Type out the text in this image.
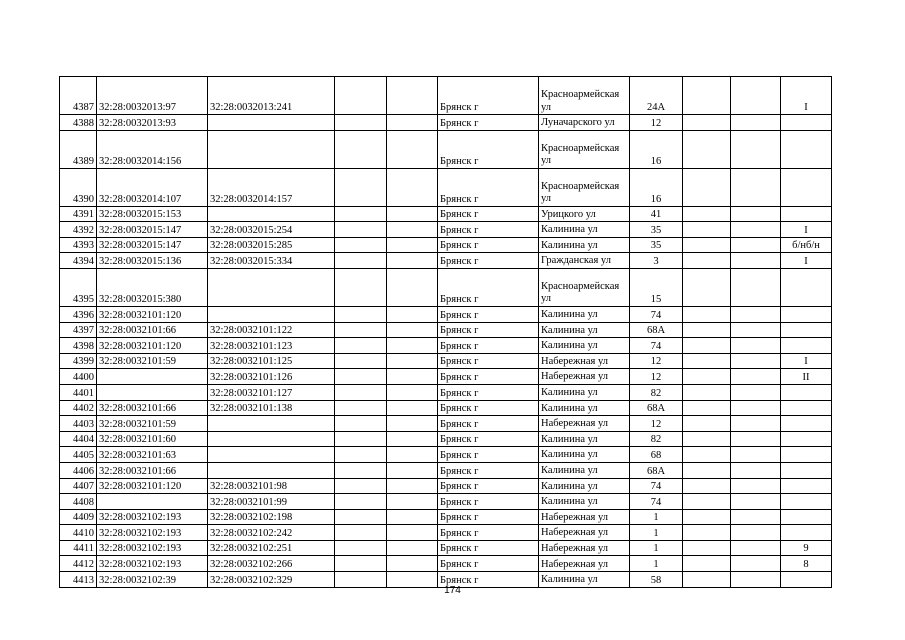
4387	32:28:0032013:97	32:28:0032013:241			Брянск г	Красноармейская ул	24А			I
4388	32:28:0032013:93				Брянск г	Луначарского ул	12			
4389	32:28:0032014:156				Брянск г	Красноармейская ул	16			
4390	32:28:0032014:107	32:28:0032014:157			Брянск г	Красноармейская ул	16			
4391	32:28:0032015:153				Брянск г	Урицкого ул	41			
4392	32:28:0032015:147	32:28:0032015:254			Брянск г	Калинина ул	35			I
4393	32:28:0032015:147	32:28:0032015:285			Брянск г	Калинина ул	35			б/нб/н
4394	32:28:0032015:136	32:28:0032015:334			Брянск г	Гражданская ул	3			I
4395	32:28:0032015:380				Брянск г	Красноармейская ул	15			
4396	32:28:0032101:120				Брянск г	Калинина ул	74			
4397	32:28:0032101:66	32:28:0032101:122			Брянск г	Калинина ул	68А			
4398	32:28:0032101:120	32:28:0032101:123			Брянск г	Калинина ул	74			
4399	32:28:0032101:59	32:28:0032101:125			Брянск г	Набережная ул	12			I
4400		32:28:0032101:126			Брянск г	Набережная ул	12			II
4401		32:28:0032101:127			Брянск г	Калинина ул	82			
4402	32:28:0032101:66	32:28:0032101:138			Брянск г	Калинина ул	68А			
4403	32:28:0032101:59				Брянск г	Набережная ул	12			
4404	32:28:0032101:60				Брянск г	Калинина ул	82			
4405	32:28:0032101:63				Брянск г	Калинина ул	68			
4406	32:28:0032101:66				Брянск г	Калинина ул	68А			
4407	32:28:0032101:120	32:28:0032101:98			Брянск г	Калинина ул	74			
4408		32:28:0032101:99			Брянск г	Калинина ул	74			
4409	32:28:0032102:193	32:28:0032102:198			Брянск г	Набережная ул	1			
4410	32:28:0032102:193	32:28:0032102:242			Брянск г	Набережная ул	1			
4411	32:28:0032102:193	32:28:0032102:251			Брянск г	Набережная ул	1			9
4412	32:28:0032102:193	32:28:0032102:266			Брянск г	Набережная ул	1			8
4413	32:28:0032102:39	32:28:0032102:329			Брянск г	Калинина ул	58			
174
